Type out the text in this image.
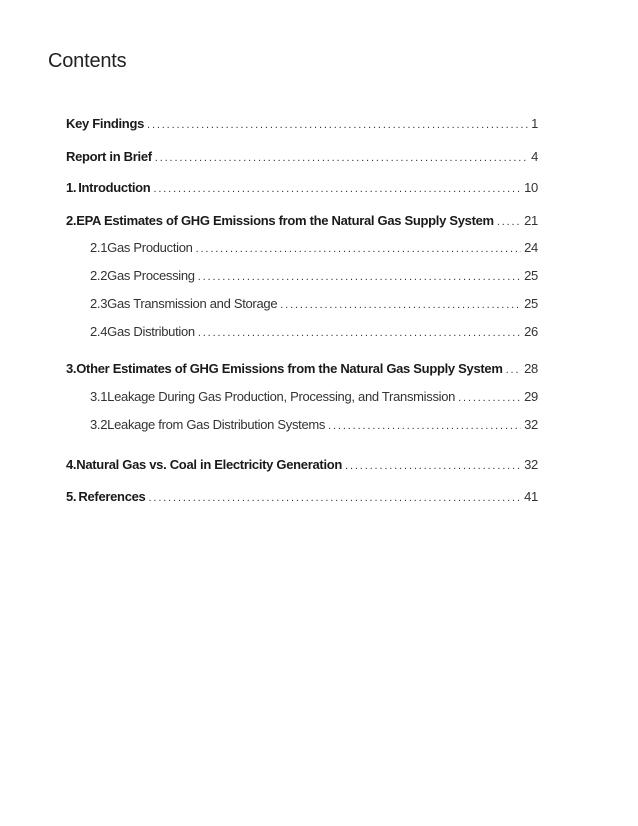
Contents
Key Findings . . .	1
Report in Brief . . .	4
1. Introduction . . .	10
2. EPA Estimates of GHG Emissions from the Natural Gas Supply System . . . 21
2.1 Gas Production . . .	24
2.2 Gas Processing . . .	25
2.3 Gas Transmission and Storage . . .	25
2.4 Gas Distribution . . .	26
3. Other Estimates of GHG Emissions from the Natural Gas Supply System . . . 28
3.1 Leakage During Gas Production, Processing, and Transmission . . .	29
3.2 Leakage from Gas Distribution Systems . . .	32
4. Natural Gas vs. Coal in Electricity Generation . . .	32
5. References . . .	41
